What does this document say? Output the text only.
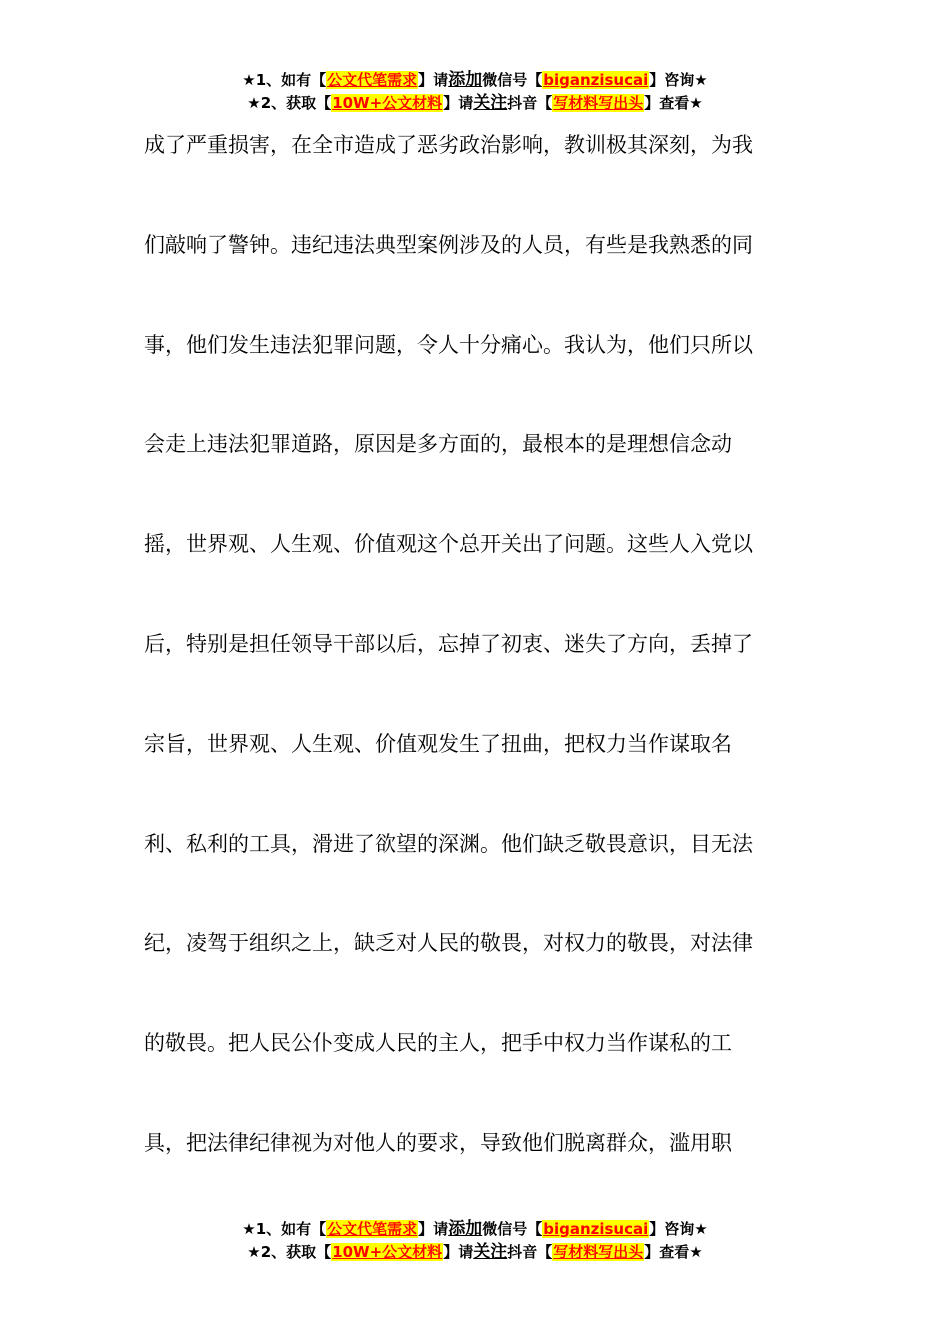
★1、如有【公文代笔需求】请添加微信号【biganzisucai】咨询★
★2、获取【10W+公文材料】请关注抖音【写材料写出头】查看★
成了严重损害，在全市造成了恶劣政治影响，教训极其深刻，为我
们敲响了警钟。违纪违法典型案例涉及的人员，有些是我熟悉的同
事，他们发生违法犯罪问题，令人十分痛心。我认为，他们只所以
会走上违法犯罪道路，原因是多方面的，最根本的是理想信念动
摇，世界观、人生观、价值观这个总开关出了问题。这些人入党以
后，特别是担任领导干部以后，忘掉了初衷、迷失了方向，丢掉了
宗旨，世界观、人生观、价值观发生了扭曲，把权力当作谋取名
利、私利的工具，滑进了欲望的深渊。他们缺乏敬畏意识，目无法
纪，凌驾于组织之上，缺乏对人民的敬畏，对权力的敬畏，对法律
的敬畏。把人民公仆变成人民的主人，把手中权力当作谋私的工
具，把法律纪律视为对他人的要求，导致他们脱离群众，滥用职
★1、如有【公文代笔需求】请添加微信号【biganzisucai】咨询★
★2、获取【10W+公文材料】请关注抖音【写材料写出头】查看★
